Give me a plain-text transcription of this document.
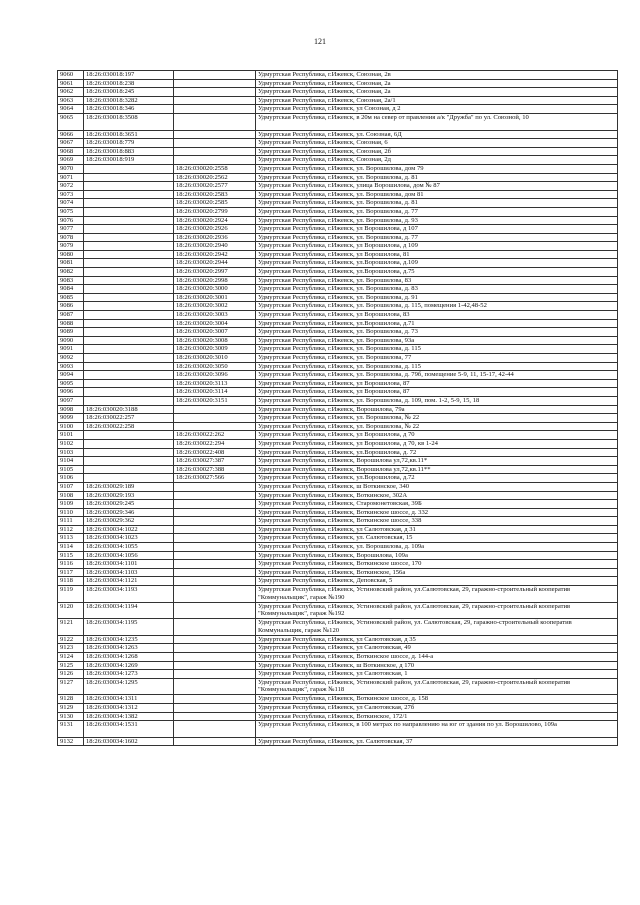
121
9060	18:26:030018:197		Удмуртская Республика, г.Ижевск, Союзная, 2в
9061	18:26:030018:238		Удмуртская Республика, г.Ижевск, Союзная, 2а
9062	18:26:030018:245		Удмуртская Республика, г.Ижевск, Союзная, 2а
9063	18:26:030018:3282		Удмуртская Республика, г.Ижевск, Союзная, 2а/1
9064	18:26:030018:346		Удмуртская Республика, г.Ижевск, ул Союзная, д 2
9065	18:26:030018:3508		Удмуртская Республика, г.Ижевск, в 20м на север от правления а/к "Дружба" по ул. Союзной, 10
9066	18:26:030018:3651		Удмуртская Республика, г.Ижевск, ул. Союзная, 6Д
9067	18:26:030018:779		Удмуртская Республика, г.Ижевск, Союзная, 6
9068	18:26:030018:883		Удмуртская Республика, г.Ижевск, Союзная, 2б
9069	18:26:030018:919		Удмуртская Республика, г.Ижевск, Союзная, 2д
9070		18:26:030020:2558	Удмуртская Республика, г.Ижевск, ул. Ворошилова, дом 79
9071		18:26:030020:2562	Удмуртская Республика, г.Ижевск, ул. Ворошилова, д. 81
9072		18:26:030020:2577	Удмуртская Республика, г.Ижевск, улица Ворошилова, дом № 87
9073		18:26:030020:2583	Удмуртская Республика, г.Ижевск, ул. Ворошилова, дом 81
9074		18:26:030020:2585	Удмуртская Республика, г.Ижевск, ул. Ворошилова, д. 81
9075		18:26:030020:2799	Удмуртская Республика, г.Ижевск, ул. Ворошилова, д. 77
9076		18:26:030020:2924	Удмуртская Республика, г.Ижевск, ул. Ворошилова, д. 93
9077		18:26:030020:2926	Удмуртская Республика, г.Ижевск, ул Ворошилова, д 107
9078		18:26:030020:2936	Удмуртская Республика, г.Ижевск, ул. Ворошилова, д. 77
9079		18:26:030020:2940	Удмуртская Республика, г.Ижевск, ул Ворошилова, д 109
9080		18:26:030020:2942	Удмуртская Республика, г.Ижевск, ул Ворошилова, 81
9081		18:26:030020:2944	Удмуртская Республика, г.Ижевск, ул.Ворошилова, д.109
9082		18:26:030020:2997	Удмуртская Республика, г.Ижевск, ул.Ворошилова, д.75
9083		18:26:030020:2998	Удмуртская Республика, г.Ижевск, ул. Ворошилова, 83
9084		18:26:030020:3000	Удмуртская Республика, г.Ижевск, ул. Ворошилова, д. 83
9085		18:26:030020:3001	Удмуртская Республика, г.Ижевск, ул. Ворошилова, д. 91
9086		18:26:030020:3002	Удмуртская Республика, г.Ижевск, ул. Ворошилова, д. 115, помещения 1-42,48-52
9087		18:26:030020:3003	Удмуртская Республика, г.Ижевск, ул Ворошилова, 83
9088		18:26:030020:3004	Удмуртская Республика, г.Ижевск, ул.Ворошилова, д.71
9089		18:26:030020:3007	Удмуртская Республика, г.Ижевск, ул. Ворошилова, д. 73
9090		18:26:030020:3008	Удмуртская Республика, г.Ижевск, ул. Ворошилова, 93а
9091		18:26:030020:3009	Удмуртская Республика, г.Ижевск, ул. Ворошилова, д. 115
9092		18:26:030020:3010	Удмуртская Республика, г.Ижевск, ул. Ворошилова, 77
9093		18:26:030020:3050	Удмуртская Республика, г.Ижевск, ул. Ворошилова, д. 115
9094		18:26:030020:3096	Удмуртская Республика, г.Ижевск, ул. Ворошилова, д. 79б, помещение 5-9, 11, 15-17, 42-44
9095		18:26:030020:3113	Удмуртская Республика, г.Ижевск, ул Ворошилова, 87
9096		18:26:030020:3114	Удмуртская Республика, г.Ижевск, ул Ворошилова, 87
9097		18:26:030020:3151	Удмуртская Республика, г.Ижевск, ул. Ворошилова, д. 109, пом. 1-2, 5-9, 15, 18
9098	18:26:030020:3188		Удмуртская Республика, г.Ижевск, Ворошилова, 79а
9099	18:26:030022:257		Удмуртская Республика, г.Ижевск, ул. Ворошилова, № 22
9100	18:26:030022:258		Удмуртская Республика, г.Ижевск, ул. Ворошилова, № 22
9101		18:26:030022:262	Удмуртская Республика, г.Ижевск, ул Ворошилова, д 70
9102		18:26:030022:294	Удмуртская Республика, г.Ижевск, ул Ворошилова, д 70, кв 1-24
9103		18:26:030022:408	Удмуртская Республика, г.Ижевск, ул.Ворошилова, д. 72
9104		18:26:030027:387	Удмуртская Республика, г.Ижевск, Ворошилова ул,72,кв.11*
9105		18:26:030027:388	Удмуртская Республика, г.Ижевск, Ворошилова ул,72,кв.11**
9106		18:26:030027:566	Удмуртская Республика, г.Ижевск, ул.Ворошилова, д.72
9107	18:26:030029:189		Удмуртская Республика, г.Ижевск, ш Воткинское, 340
9108	18:26:030029:193		Удмуртская Республика, г.Ижевск, Воткинское, 302А
9109	18:26:030029:245		Удмуртская Республика, г.Ижевск, Старомонетовская, 39Б
9110	18:26:030029:346		Удмуртская Республика, г.Ижевск, Воткинское шоссе, д. 332
9111	18:26:030029:362		Удмуртская Республика, г.Ижевск, Воткинское шоссе, 338
9112	18:26:030034:1022		Удмуртская Республика, г.Ижевск, ул Салютовская, д 31
9113	18:26:030034:1023		Удмуртская Республика, г.Ижевск, ул. Салютовская, 15
9114	18:26:030034:1055		Удмуртская Республика, г.Ижевск, ул. Ворошилова, д. 109а
9115	18:26:030034:1056		Удмуртская Республика, г.Ижевск, Ворошилова, 109а
9116	18:26:030034:1101		Удмуртская Республика, г.Ижевск, Воткинское шоссе, 170
9117	18:26:030034:1103		Удмуртская Республика, г.Ижевск, Воткинское, 156а
9118	18:26:030034:1121		Удмуртская Республика, г.Ижевск, Деповская, 5
9119	18:26:030034:1193		Удмуртская Республика, г.Ижевск, Устиновский район, ул.Салютовская, 29, гаражно-строительный кооператив "Коммунальщик", гараж №190
9120	18:26:030034:1194		Удмуртская Республика, г.Ижевск, Устиновский район, ул.Салютовская, 29, гаражно-строительный кооператив "Коммунальщик", гараж №192
9121	18:26:030034:1195		Удмуртская Республика, г.Ижевск, Устиновский район, ул. Салютовская, 29, гаражно-строительный кооператив Коммунальщик, гараж №120
9122	18:26:030034:1235		Удмуртская Республика, г.Ижевск, ул Салютовская, д 35
9123	18:26:030034:1263		Удмуртская Республика, г.Ижевск, ул Салютовская, 49
9124	18:26:030034:1268		Удмуртская Республика, г.Ижевск, Воткинское шоссе, д. 144-а
9125	18:26:030034:1269		Удмуртская Республика, г.Ижевск, ш Воткинское, д 170
9126	18:26:030034:1273		Удмуртская Республика, г.Ижевск, ул Салютовская, 1
9127	18:26:030034:1295		Удмуртская Республика, г.Ижевск, Устиновский район, ул.Салютовская, 29, гаражно-строительный кооператив "Коммунальщик", гараж №118
9128	18:26:030034:1311		Удмуртская Республика, г.Ижевск, Воткинское шоссе, д. 158
9129	18:26:030034:1312		Удмуртская Республика, г.Ижевск, ул Салютовская, 27б
9130	18:26:030034:1382		Удмуртская Республика, г.Ижевск, Воткинское, 172/1
9131	18:26:030034:1531		Удмуртская Республика, г.Ижевск, в 100 метрах по направлению на юг от здания по ул. Ворошилово, 109а
9132	18:26:030034:1602		Удмуртская Республика, г.Ижевск, ул. Салютовская, 37
